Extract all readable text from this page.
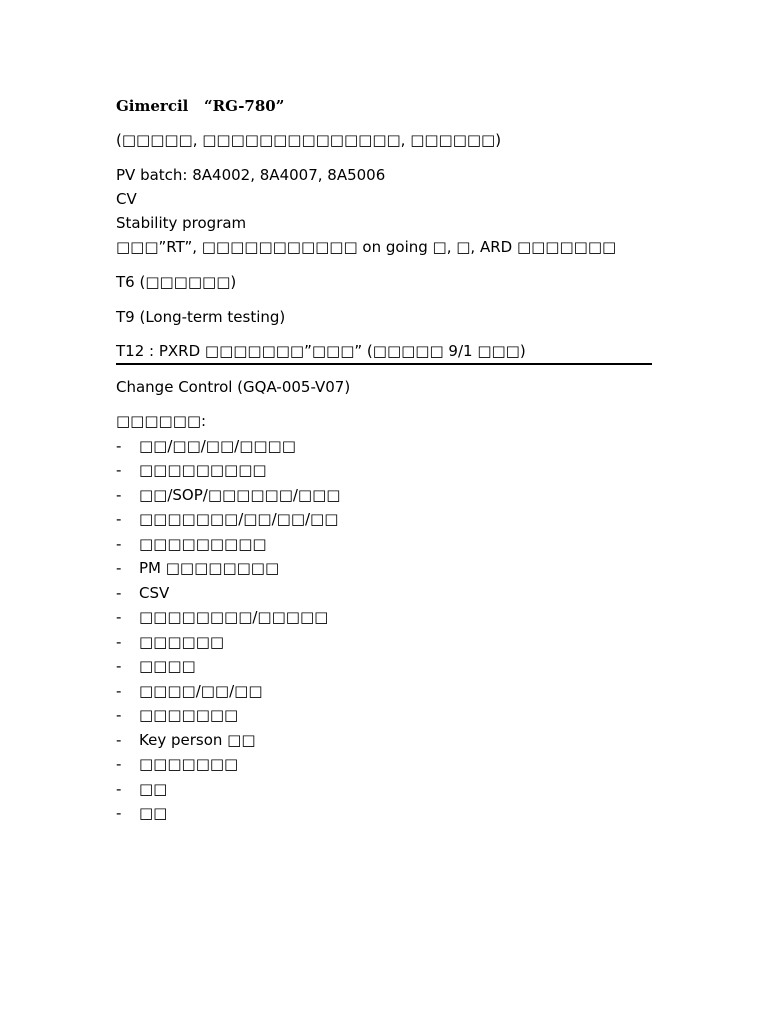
Gimercil   “RG-780”
(□□□□□, □□□□□□□□□□□□□□, □□□□□□)
PV batch: 8A4002, 8A4007, 8A5006
CV
Stability program
□□□”RT”, □□□□□□□□□□□ on going □, □, ARD □□□□□□□
T6 (□□□□□□)
T9 (Long-term testing)
T12 : PXRD □□□□□□□”□□□” (□□□□□ 9/1 □□□)
Change Control (GQA-005-V07)
□□□□□□:
- □□/□□/□□/□□□□
- □□□□□□□□□
- □□/SOP/□□□□□□/□□□
- □□□□□□□/□□/□□/□□
- □□□□□□□□□
- PM □□□□□□□□
- CSV
- □□□□□□□□/□□□□□
- □□□□□□
- □□□□
- □□□□/□□/□□
- □□□□□□□
- Key person □□
- □□□□□□□
- □□
- □□
